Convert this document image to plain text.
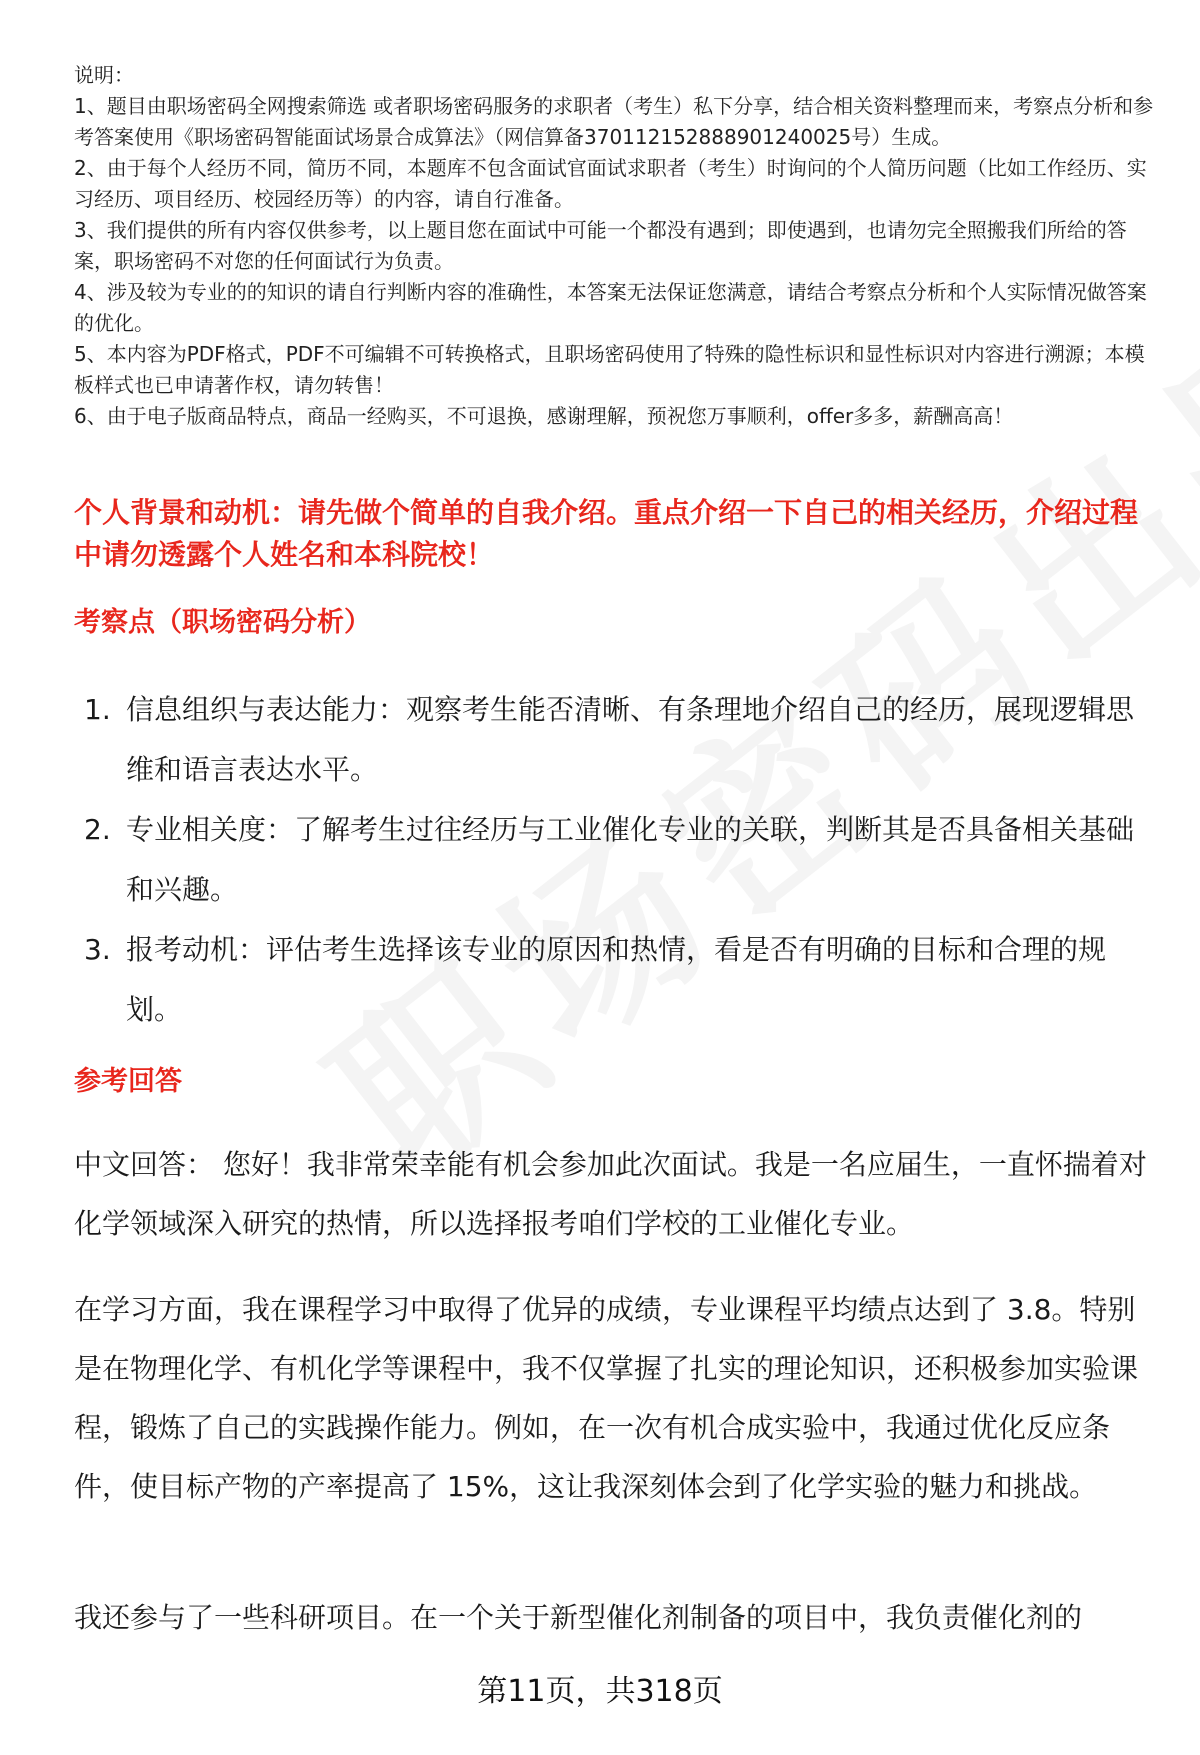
说明：

1、题目由职场密码全网搜索筛选 或者职场密码服务的求职者（考生）私下分享，结合相关资料整理而来，考察点分析和参考答案使用《职场密码智能面试场景合成算法》（网信算备370112152888901240025号）生成。

2、由于每个人经历不同，简历不同，本题库不包含面试官面试求职者（考生）时询问的个人简历问题（比如工作经历、实习经历、项目经历、校园经历等）的内容，请自行准备。

3、我们提供的所有内容仅供参考，以上题目您在面试中可能一个都没有遇到；即使遇到，也请勿完全照搬我们所给的答案，职场密码不对您的任何面试行为负责。

4、涉及较为专业的的知识的请自行判断内容的准确性，本答案无法保证您满意，请结合考察点分析和个人实际情况做答案的优化。

5、本内容为PDF格式，PDF不可编辑不可转换格式，且职场密码使用了特殊的隐性标识和显性标识对内容进行溯源；本模板样式也已申请著作权，请勿转售！

6、由于电子版商品特点，商品一经购买，不可退换，感谢理解，预祝您万事顺利，offer多多，薪酬高高！

个人背景和动机：请先做个简单的自我介绍。重点介绍一下自己的相关经历，介绍过程中请勿透露个人姓名和本科院校！

考察点（职场密码分析）

1. 信息组织与表达能力：观察考生能否清晰、有条理地介绍自己的经历，展现逻辑思维和语言表达水平。
2. 专业相关度：了解考生过往经历与工业催化专业的关联，判断其是否具备相关基础和兴趣。
3. 报考动机：评估考生选择该专业的原因和热情，看是否有明确的目标和合理的规划。

参考回答

中文回答： 您好！我非常荣幸能有机会参加此次面试。我是一名应届生，一直怀揣着对化学领域深入研究的热情，所以选择报考咱们学校的工业催化专业。

在学习方面，我在课程学习中取得了优异的成绩，专业课程平均绩点达到了 3.8。特别是在物理化学、有机化学等课程中，我不仅掌握了扎实的理论知识，还积极参加实验课程，锻炼了自己的实践操作能力。例如，在一次有机合成实验中，我通过优化反应条件，使目标产物的产率提高了 15%，这让我深刻体会到了化学实验的魅力和挑战。

我还参与了一些科研项目。在一个关于新型催化剂制备的项目中，我负责催化剂的

第11页，共318页
